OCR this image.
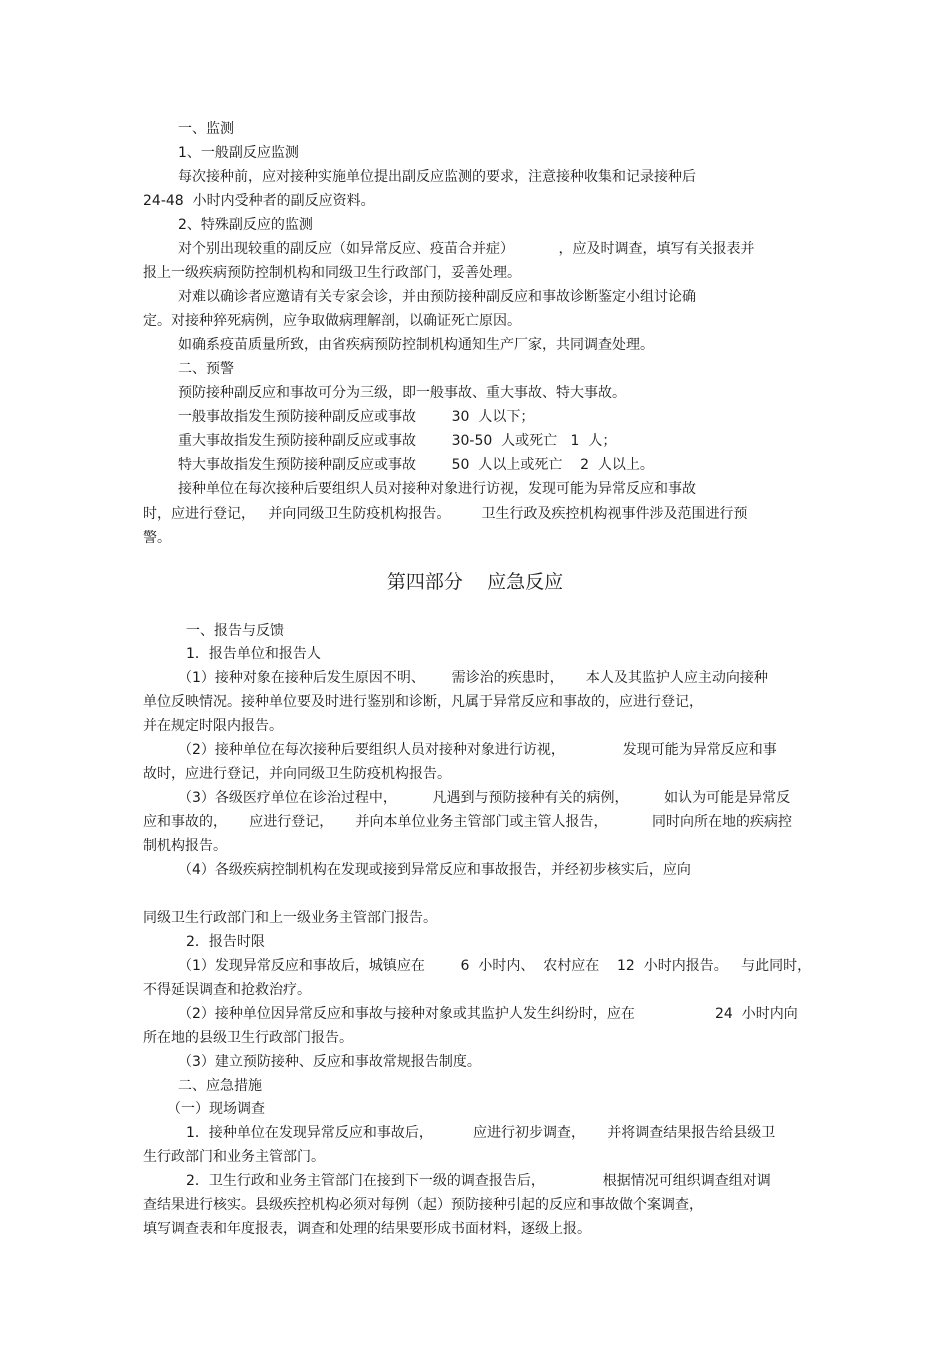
一、监测
1、一般副反应监测
每次接种前，应对接种实施单位提出副反应监测的要求，注意接种收集和记录接种后
24-48  小时内受种者的副反应资料。
2、特殊副反应的监测
对个别出现较重的副反应（如异常反应、疫苗合并症）          ，应及时调查，填写有关报表并
报上一级疾病预防控制机构和同级卫生行政部门，妥善处理。
对难以确诊者应邀请有关专家会诊，并由预防接种副反应和事故诊断鉴定小组讨论确
定。对接种猝死病例，应争取做病理解剖，以确证死亡原因。
如确系疫苗质量所致，由省疾病预防控制机构通知生产厂家，共同调查处理。
二、预警
预防接种副反应和事故可分为三级，即一般事故、重大事故、特大事故。
一般事故指发生预防接种副反应或事故        30  人以下；
重大事故指发生预防接种副反应或事故        30-50  人或死亡   1  人；
特大事故指发生预防接种副反应或事故        50  人以上或死亡    2  人以上。
接种单位在每次接种后要组织人员对接种对象进行访视，发现可能为异常反应和事故
时，应进行登记，   并向同级卫生防疫机构报告。       卫生行政及疾控机构视事件涉及范围进行预
警。
第四部分    应急反应
一、报告与反馈
1．报告单位和报告人
（1）接种对象在接种后发生原因不明、      需诊治的疾患时，     本人及其监护人应主动向接种
单位反映情况。接种单位要及时进行鉴别和诊断，凡属于异常反应和事故的，应进行登记，
并在规定时限内报告。
（2）接种单位在每次接种后要组织人员对接种对象进行访视，             发现可能为异常反应和事
故时，应进行登记，并向同级卫生防疫机构报告。
（3）各级医疗单位在诊治过程中，        凡遇到与预防接种有关的病例，        如认为可能是异常反
应和事故的，     应进行登记，     并向本单位业务主管部门或主管人报告，          同时向所在地的疾病控
制机构报告。
（4）各级疾病控制机构在发现或接到异常反应和事故报告，并经初步核实后，应向
同级卫生行政部门和上一级业务主管部门报告。
2．报告时限
（1）发现异常反应和事故后，城镇应在        6  小时内、  农村应在    12  小时内报告。   与此同时，
不得延误调查和抢救治疗。
（2）接种单位因异常反应和事故与接种对象或其监护人发生纠纷时，应在                  24  小时内向
所在地的县级卫生行政部门报告。
（3）建立预防接种、反应和事故常规报告制度。
二、应急措施
（一）现场调查
1．接种单位在发现异常反应和事故后，         应进行初步调查，     并将调查结果报告给县级卫
生行政部门和业务主管部门。
2．卫生行政和业务主管部门在接到下一级的调查报告后，             根据情况可组织调查组对调
查结果进行核实。县级疾控机构必须对每例（起）预防接种引起的反应和事故做个案调查，
填写调查表和年度报表，调查和处理的结果要形成书面材料，逐级上报。
